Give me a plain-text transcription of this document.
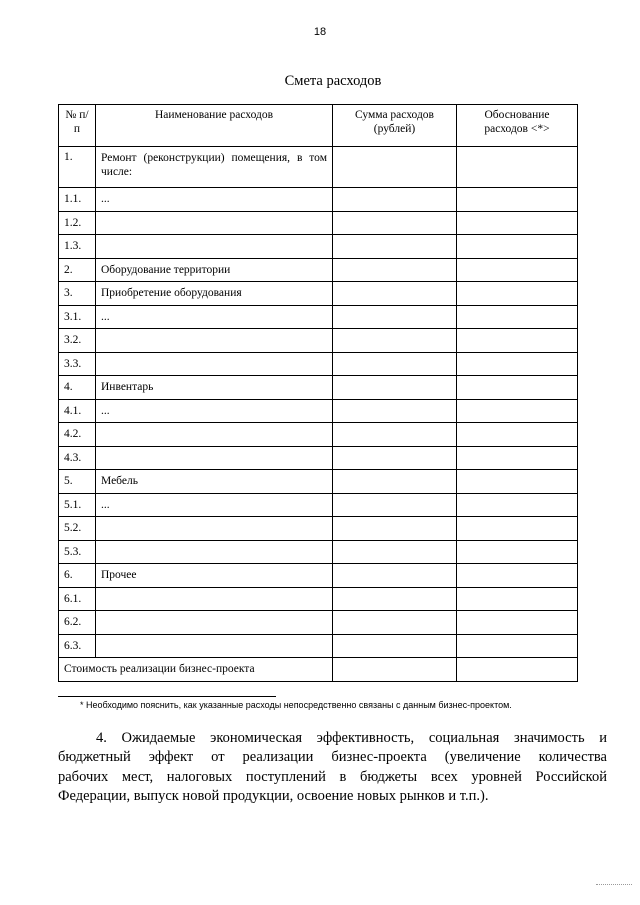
18
Смета расходов
№ п/п	Наименование расходов	Сумма расходов (рублей)	Обоснование расходов <*>
1.	Ремонт (реконструкции) помещения, в том числе:		

1.1.	...		
1.2.			
1.3.			
2.	Оборудование территории		
3.	Приобретение оборудования		
3.1.	...		
3.2.			
3.3.			
4.	Инвентарь		
4.1.	...		
4.2.			
4.3.			
5.	Мебель		
5.1.	...		
5.2.			
5.3.			
6.	Прочее		
6.1.			
6.2.			
6.3.			
Стоимость реализации бизнес-проекта			
* Необходимо пояснить, как указанные расходы непосредственно связаны с данным бизнес-проектом.
4. Ожидаемые экономическая эффективность, социальная значимость и
бюджетный эффект от реализации бизнес-проекта (увеличение количества
рабочих мест, налоговых поступлений в бюджеты всех уровней Российской
Федерации, выпуск новой продукции, освоение новых рынков и т.п.).
